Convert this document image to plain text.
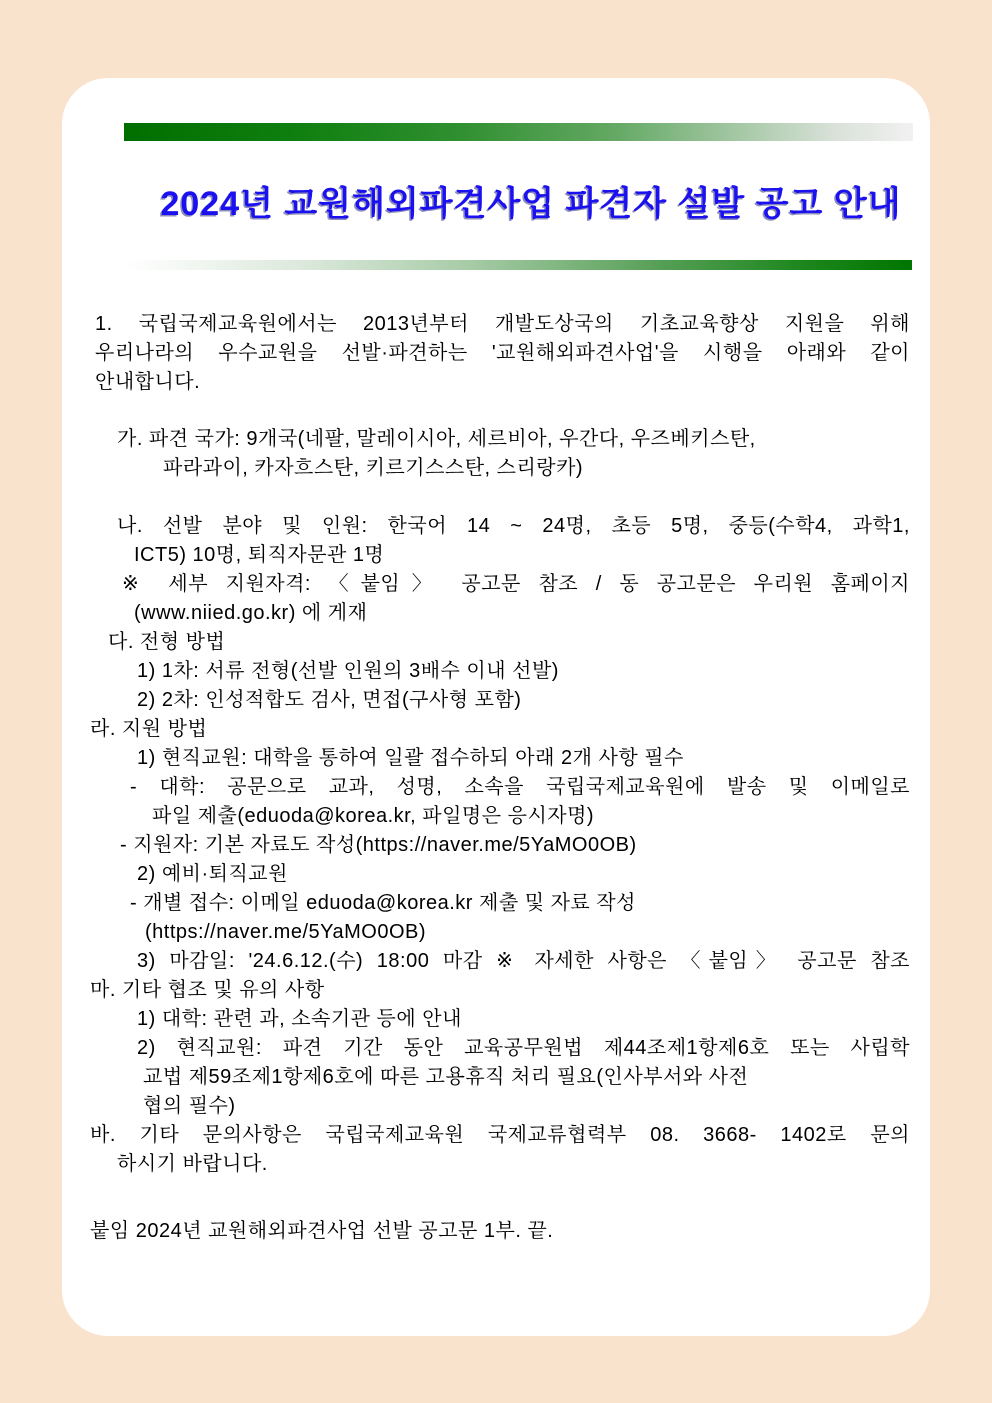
2024년 교원해외파견사업 파견자 설발 공고 안내
1. 국립국제교육원에서는 2013년부터 개발도상국의 기초교육향상 지원을 위해
우리나라의 우수교원을 선발·파견하는 '교원해외파견사업'을 시행을 아래와 같이
안내합니다.
가. 파견 국가: 9개국(네팔, 말레이시아, 세르비아, 우간다, 우즈베키스탄,
파라과이, 카자흐스탄, 키르기스스탄, 스리랑카)
나. 선발 분야 및 인원: 한국어 14 ~ 24명, 초등 5명, 중등(수학4, 과학1,
ICT5) 10명, 퇴직자문관 1명
※ 세부 지원자격: 〈붙임〉 공고문 참조 / 동 공고문은 우리원 홈페이지
(www.niied.go.kr) 에 게재
다. 전형 방법
1) 1차: 서류 전형(선발 인원의 3배수 이내 선발)
2) 2차: 인성적합도 검사, 면접(구사형 포함)
라. 지원 방법
1) 현직교원: 대학을 통하여 일괄 접수하되 아래 2개 사항 필수
- 대학: 공문으로 교과, 성명, 소속을 국립국제교육원에 발송 및 이메일로
파일 제출(eduoda@korea.kr, 파일명은 응시자명)
- 지원자: 기본 자료도 작성(https://naver.me/5YaMO0OB)
2) 예비·퇴직교원
- 개별 접수: 이메일 eduoda@korea.kr 제출 및 자료 작성
(https://naver.me/5YaMO0OB)
3) 마감일: '24.6.12.(수) 18:00 마감 ※ 자세한 사항은 〈붙임〉 공고문 참조
마. 기타 협조 및 유의 사항
1) 대학: 관련 과, 소속기관 등에 안내
2) 현직교원: 파견 기간 동안 교육공무원법 제44조제1항제6호 또는 사립학
교법 제59조제1항제6호에 따른 고용휴직 처리 필요(인사부서와 사전
협의 필수)
바. 기타 문의사항은 국립국제교육원 국제교류협력부 08. 3668- 1402로 문의
하시기 바랍니다.
붙임 2024년 교원해외파견사업 선발 공고문 1부. 끝.
